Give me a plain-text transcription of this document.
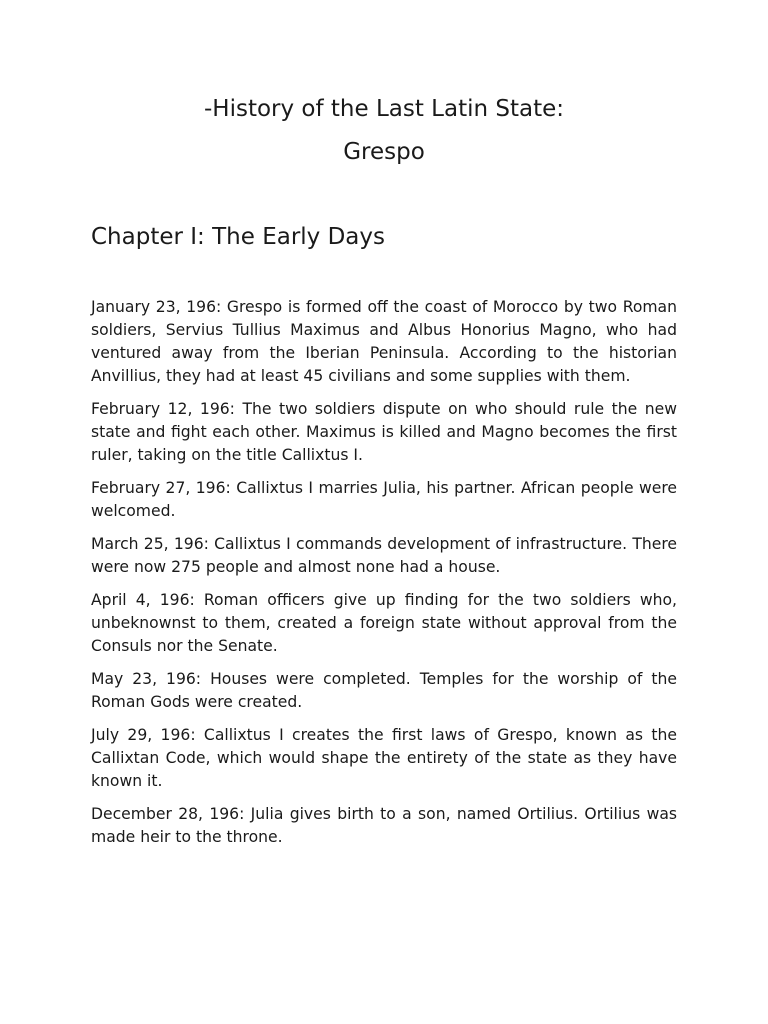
-History of the Last Latin State:
Grespo
Chapter I: The Early Days

January 23, 196: Grespo is formed off the coast of Morocco by two Roman soldiers, Servius Tullius Maximus and Albus Honorius Magno, who had ventured away from the Iberian Peninsula. According to the historian Anvillius, they had at least 45 civilians and some supplies with them.

February 12, 196: The two soldiers dispute on who should rule the new state and fight each other. Maximus is killed and Magno becomes the first ruler, taking on the title Callixtus I.

February 27, 196: Callixtus I marries Julia, his partner. African people were welcomed.

March 25, 196: Callixtus I commands development of infrastructure. There were now 275 people and almost none had a house.

April 4, 196: Roman officers give up finding for the two soldiers who, unbeknownst to them, created a foreign state without approval from the Consuls nor the Senate.

May 23, 196: Houses were completed. Temples for the worship of the Roman Gods were created.

July 29, 196: Callixtus I creates the first laws of Grespo, known as the Callixtan Code, which would shape the entirety of the state as they have known it.

December 28, 196: Julia gives birth to a son, named Ortilius. Ortilius was made heir to the throne.
